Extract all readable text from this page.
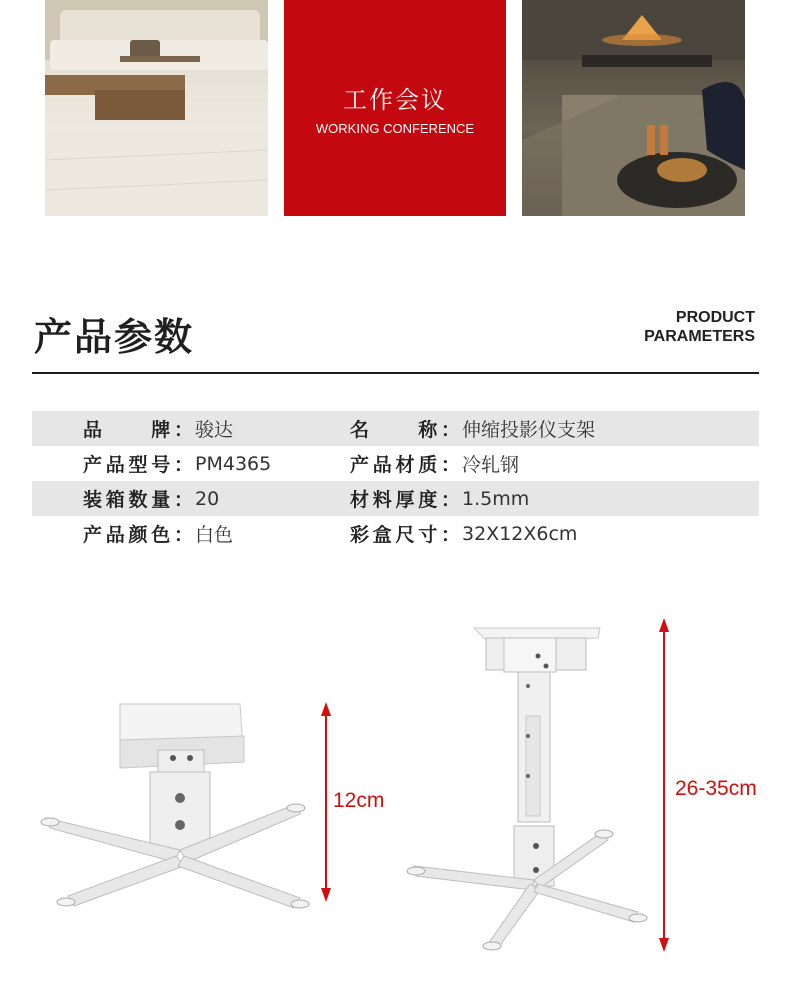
工作会议
WORKING CONFERENCE
产品参数	PRODUCT
PARAMETERS
品　　牌： 骏达	名　　称： 伸缩投影仪支架
产品型号： PM4365	产品材质： 冷轧钢
装箱数量： 20	材料厚度： 1.5mm
产品颜色： 白色	彩盒尺寸： 32X12X6cm
12cm
26-35cm
